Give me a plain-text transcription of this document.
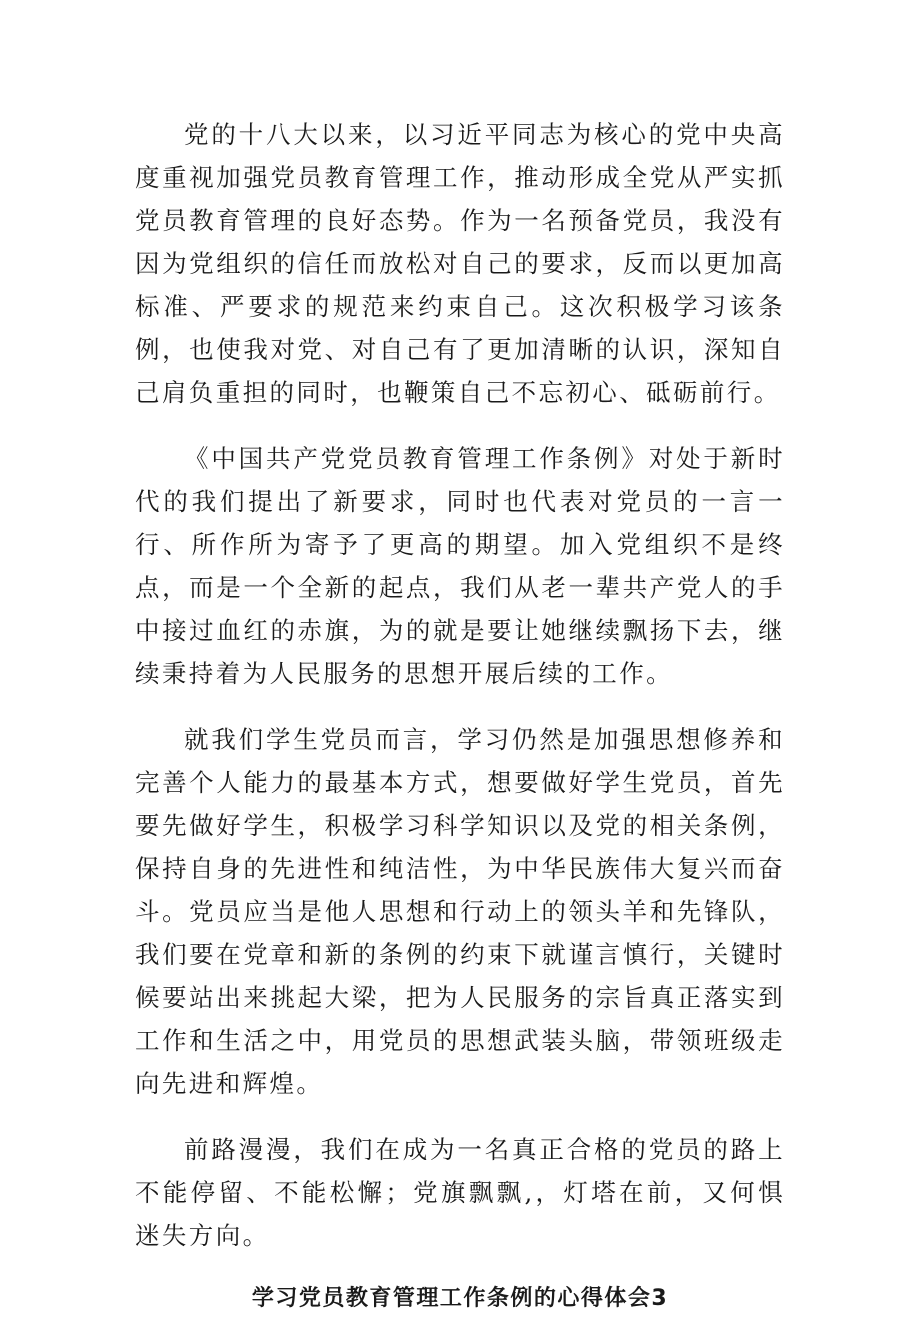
党的十八大以来，以习近平同志为核心的党中央高度重视加强党员教育管理工作，推动形成全党从严实抓党员教育管理的良好态势。作为一名预备党员，我没有因为党组织的信任而放松对自己的要求，反而以更加高标准、严要求的规范来约束自己。这次积极学习该条例，也使我对党、对自己有了更加清晰的认识，深知自己肩负重担的同时，也鞭策自己不忘初心、砥砺前行。

《中国共产党党员教育管理工作条例》对处于新时代的我们提出了新要求，同时也代表对党员的一言一行、所作所为寄予了更高的期望。加入党组织不是终点，而是一个全新的起点，我们从老一辈共产党人的手中接过血红的赤旗，为的就是要让她继续飘扬下去，继续秉持着为人民服务的思想开展后续的工作。

就我们学生党员而言，学习仍然是加强思想修养和完善个人能力的最基本方式，想要做好学生党员，首先要先做好学生，积极学习科学知识以及党的相关条例，保持自身的先进性和纯洁性，为中华民族伟大复兴而奋斗。党员应当是他人思想和行动上的领头羊和先锋队，我们要在党章和新的条例的约束下就谨言慎行，关键时候要站出来挑起大梁，把为人民服务的宗旨真正落实到工作和生活之中，用党员的思想武装头脑，带领班级走向先进和辉煌。

前路漫漫，我们在成为一名真正合格的党员的路上不能停留、不能松懈；党旗飘飘,，灯塔在前，又何惧迷失方向。

学习党员教育管理工作条例的心得体会3
